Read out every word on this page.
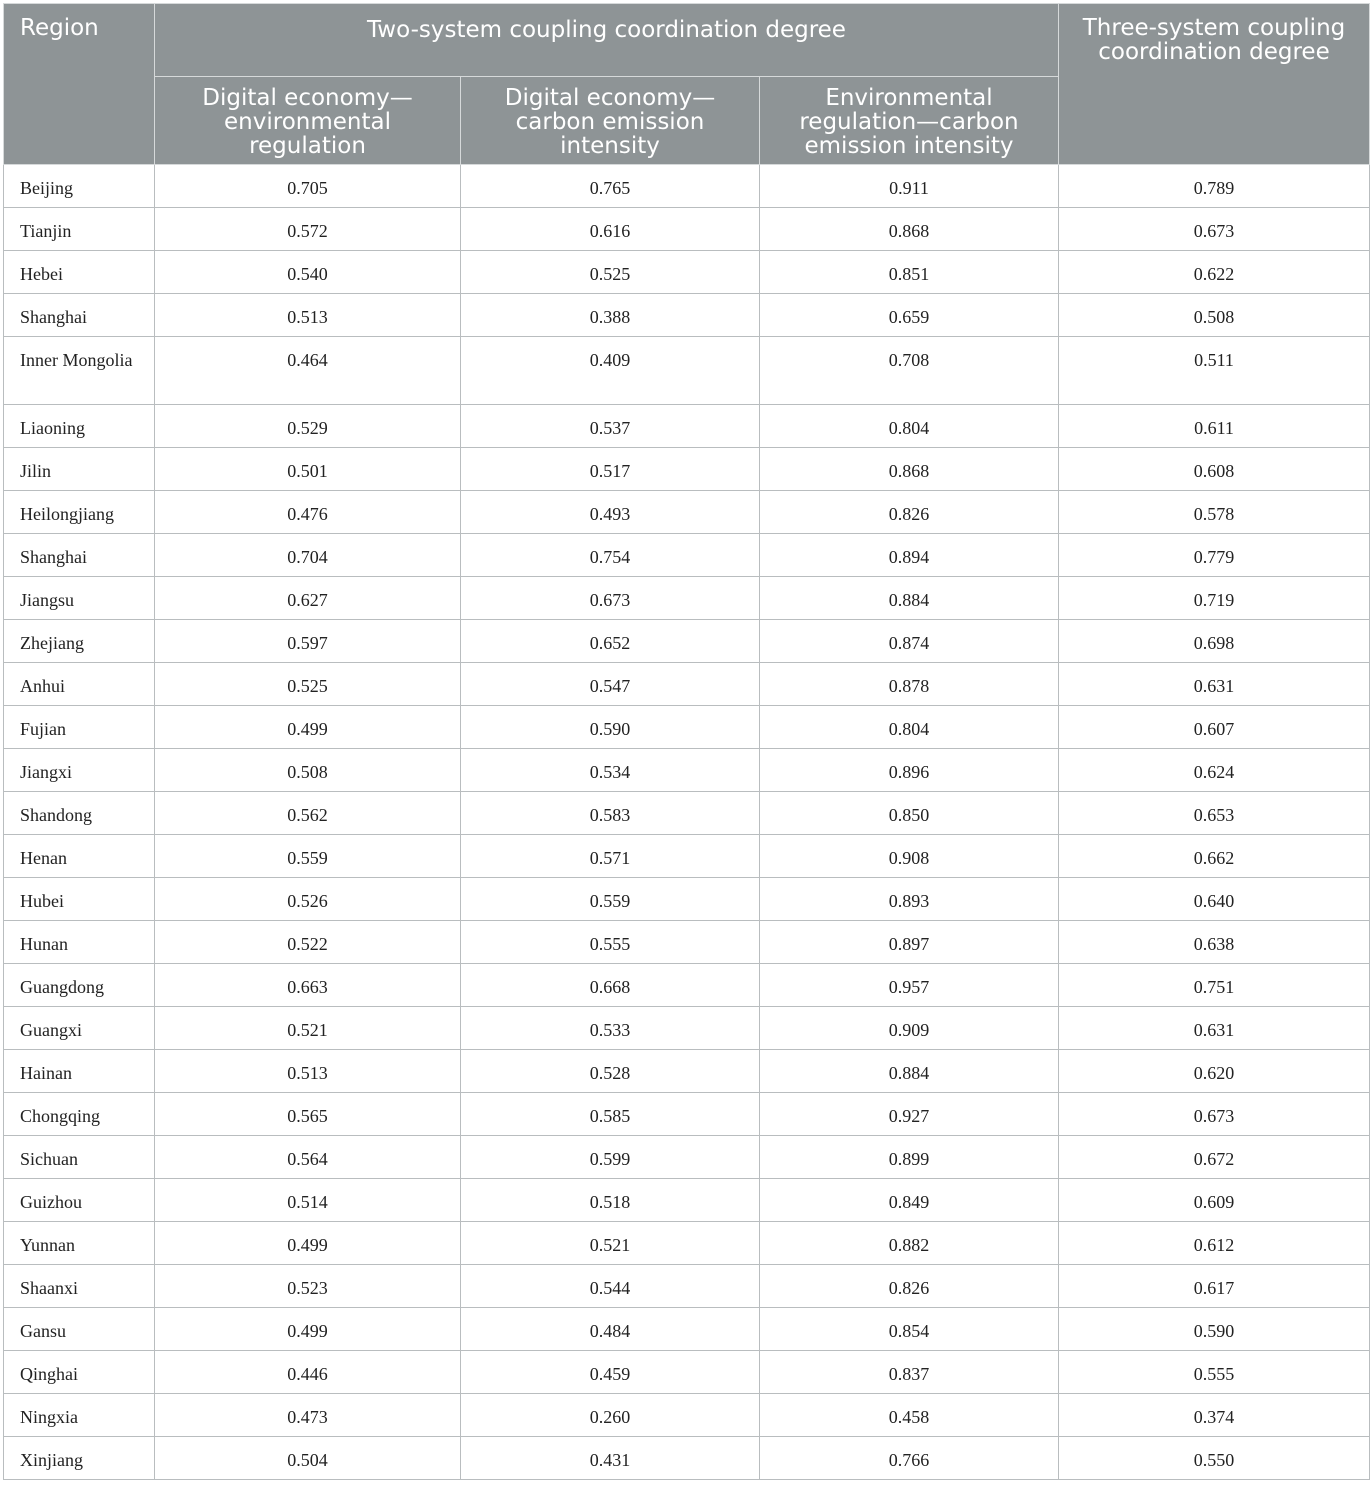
Region	Two-system coupling coordination degree			Three-system coupling coordination degree
	Digital economy—environmental regulation	Digital economy—carbon emission intensity	Environmental regulation—carbon emission intensity	
Beijing	0.705	0.765	0.911	0.789
Tianjin	0.572	0.616	0.868	0.673
Hebei	0.540	0.525	0.851	0.622
Shanghai	0.513	0.388	0.659	0.508
Inner Mongolia	0.464	0.409	0.708	0.511
Liaoning	0.529	0.537	0.804	0.611
Jilin	0.501	0.517	0.868	0.608
Heilongjiang	0.476	0.493	0.826	0.578
Shanghai	0.704	0.754	0.894	0.779
Jiangsu	0.627	0.673	0.884	0.719
Zhejiang	0.597	0.652	0.874	0.698
Anhui	0.525	0.547	0.878	0.631
Fujian	0.499	0.590	0.804	0.607
Jiangxi	0.508	0.534	0.896	0.624
Shandong	0.562	0.583	0.850	0.653
Henan	0.559	0.571	0.908	0.662
Hubei	0.526	0.559	0.893	0.640
Hunan	0.522	0.555	0.897	0.638
Guangdong	0.663	0.668	0.957	0.751
Guangxi	0.521	0.533	0.909	0.631
Hainan	0.513	0.528	0.884	0.620
Chongqing	0.565	0.585	0.927	0.673
Sichuan	0.564	0.599	0.899	0.672
Guizhou	0.514	0.518	0.849	0.609
Yunnan	0.499	0.521	0.882	0.612
Shaanxi	0.523	0.544	0.826	0.617
Gansu	0.499	0.484	0.854	0.590
Qinghai	0.446	0.459	0.837	0.555
Ningxia	0.473	0.260	0.458	0.374
Xinjiang	0.504	0.431	0.766	0.550
